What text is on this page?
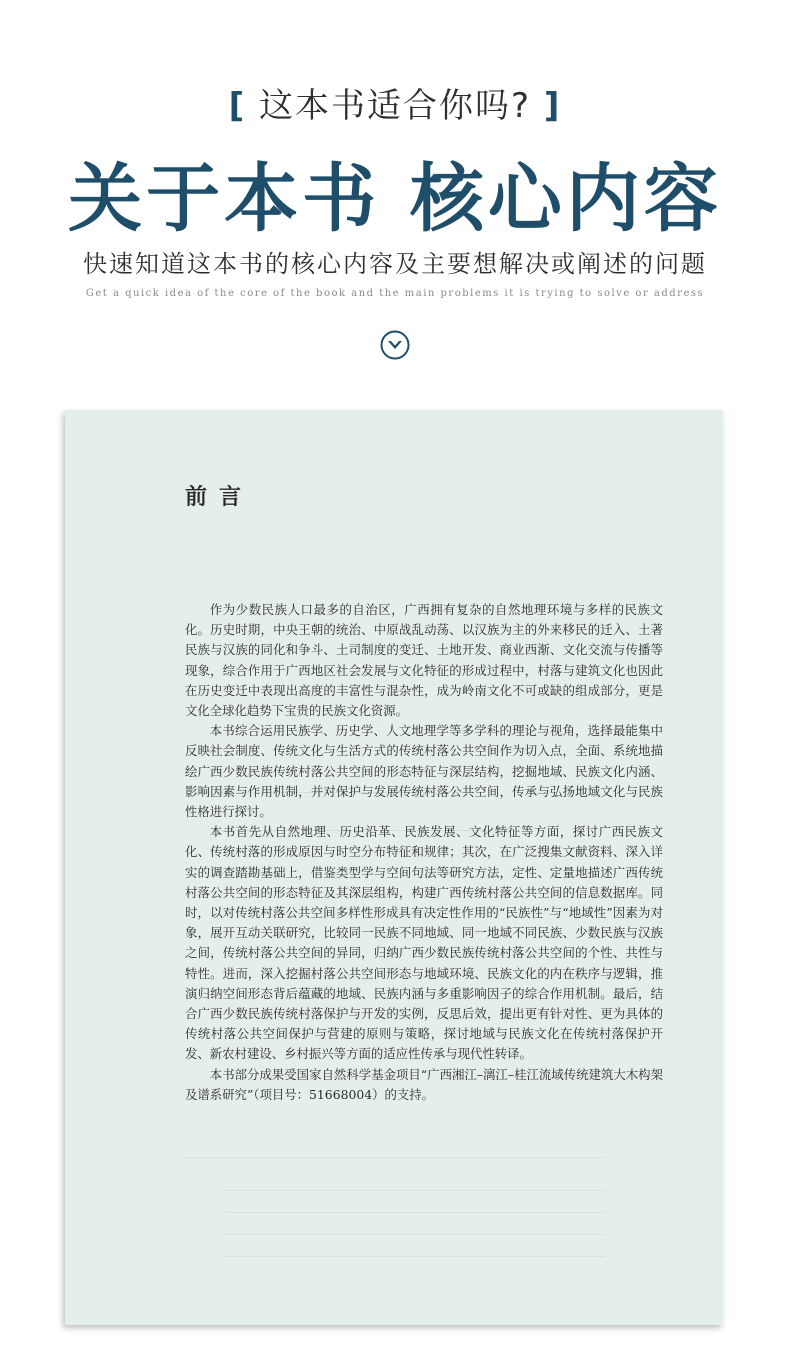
[ 这本书适合你吗? ]
关于本书 核心内容
快速知道这本书的核心内容及主要想解决或阐述的问题
Get a quick idea of the core of the book and the main problems it is trying to solve or address
前言

作为少数民族人口最多的自治区，广西拥有复杂的自然地理环境与多样的民族文化。历史时期，中央王朝的统治、中原战乱动荡、以汉族为主的外来移民的迁入、土著民族与汉族的同化和争斗、土司制度的变迁、土地开发、商业西渐、文化交流与传播等现象，综合作用于广西地区社会发展与文化特征的形成过程中，村落与建筑文化也因此在历史变迁中表现出高度的丰富性与混杂性，成为岭南文化不可或缺的组成部分，更是文化全球化趋势下宝贵的民族文化资源。

本书综合运用民族学、历史学、人文地理学等多学科的理论与视角，选择最能集中反映社会制度、传统文化与生活方式的传统村落公共空间作为切入点，全面、系统地描绘广西少数民族传统村落公共空间的形态特征与深层结构，挖掘地域、民族文化内涵、影响因素与作用机制，并对保护与发展传统村落公共空间，传承与弘扬地域文化与民族性格进行探讨。

本书首先从自然地理、历史沿革、民族发展、文化特征等方面，探讨广西民族文化、传统村落的形成原因与时空分布特征和规律；其次，在广泛搜集文献资料、深入详实的调查踏勘基础上，借鉴类型学与空间句法等研究方法，定性、定量地描述广西传统村落公共空间的形态特征及其深层组构，构建广西传统村落公共空间的信息数据库。同时，以对传统村落公共空间多样性形成具有决定性作用的“民族性”与“地域性”因素为对象，展开互动关联研究，比较同一民族不同地域、同一地域不同民族、少数民族与汉族之间，传统村落公共空间的异同，归纳广西少数民族传统村落公共空间的个性、共性与特性。进而，深入挖掘村落公共空间形态与地域环境、民族文化的内在秩序与逻辑，推演归纳空间形态背后蕴藏的地域、民族内涵与多重影响因子的综合作用机制。最后，结合广西少数民族传统村落保护与开发的实例，反思后效，提出更有针对性、更为具体的传统村落公共空间保护与营建的原则与策略，探讨地域与民族文化在传统村落保护开发、新农村建设、乡村振兴等方面的适应性传承与现代性转译。

本书部分成果受国家自然科学基金项目“广西湘江–漓江–桂江流域传统建筑大木构架及谱系研究”（项目号：51668004）的支持。
